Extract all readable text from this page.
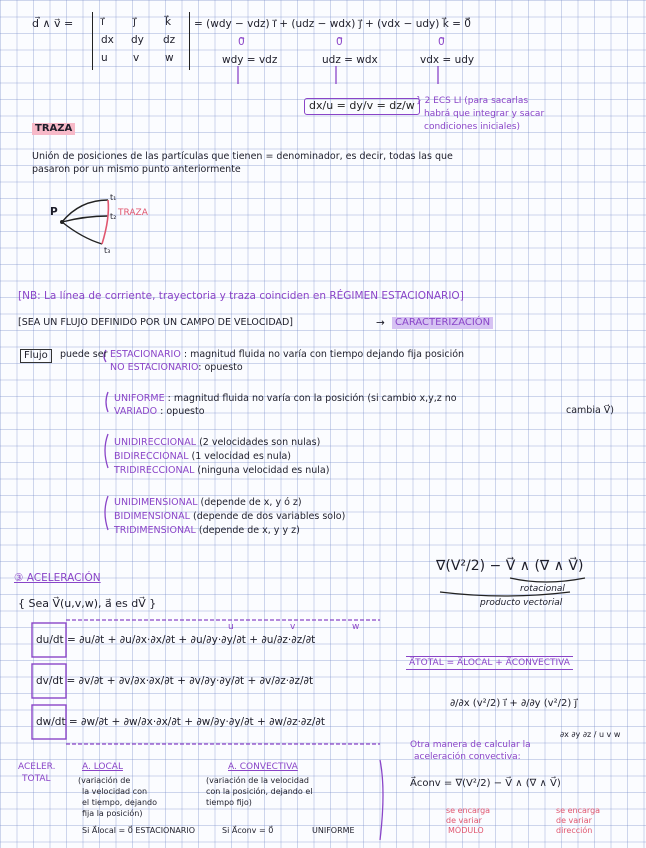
d⃗ ∧ v⃗ =	i⃗	j⃗	k⃗
dx dy dz
u v w
= (wdy − vdz) i⃗ + (udz − wdx) j⃗ + (vdx − udy) k⃗ = 0⃗
0⃗
wdy = vdz
0⃗
udz = wdx
0⃗
vdx = udy
dx/u = dy/v = dz/w } 2 ECS LI (para sacarlas
habrá que integrar y sacar
condiciones iniciales)
TRAZA
Unión de posiciones de las partículas que tienen = denominador, es decir, todas las que
pasaron por un mismo punto anteriormente
P
t₁
t₂
t₃
TRAZA
[NB: La línea de corriente, trayectoria y traza coinciden en RÉGIMEN ESTACIONARIO]
[SEA UN FLUJO DEFINIDO POR UN CAMPO DE VELOCIDAD]	→	CARACTERIZACIÓN
Flujo	puede ser ESTACIONARIO : magnitud fluida no varía con tiempo dejando fija posición
NO ESTACIONARIO: opuesto
UNIFORME : magnitud fluida no varía con la posición (si cambio x,y,z no
cambia V⃗)
VARIADO : opuesto
UNIDIRECCIONAL (2 velocidades son nulas)
BIDIRECCIONAL (1 velocidad es nula)
TRIDIRECCIONAL (ninguna velocidad es nula)
UNIDIMENSIONAL (depende de x, y ó z)
BIDIMENSIONAL (depende de dos variables solo)
TRIDIMENSIONAL (depende de x, y y z)
∇(V²/2) − V⃗ ∧ (∇ ∧ V⃗)
rotacional
producto vectorial
③ ACELERACIÓN
{ Sea V⃗(u,v,w), a⃗ es dV⃗ }
du/dt = ∂u/∂t + ∂u/∂x·∂x/∂t + ∂u/∂y·∂y/∂t + ∂u/∂z·∂z/∂t
dv/dt = ∂v/∂t + ∂v/∂x·∂x/∂t + ∂v/∂y·∂y/∂t + ∂v/∂z·∂z/∂t
dw/dt = ∂w/∂t + ∂w/∂x·∂x/∂t + ∂w/∂y·∂y/∂t + ∂w/∂z·∂z/∂t
u	v	w
ACELER.
TOTAL
A. LOCAL	A. CONVECTIVA
(variación de
la velocidad con
el tiempo, dejando
fija la posición)
Si A⃗local = 0⃗ ESTACIONARIO
(variación de la velocidad
con la posición, dejando el
tiempo fijo)
Si A⃗conv = 0⃗	UNIFORME
A⃗TOTAL = A⃗LOCAL + A⃗CONVECTIVA
∂/∂x (v²/2) i⃗ + ∂/∂y (v²/2) j⃗
Otra manera de calcular la
aceleración convectiva:
∂x ∂y ∂z / u v w
A⃗conv = ∇(V²/2) − V⃗ ∧ (∇ ∧ V⃗)
se encarga
de variar
MÓDULO
se encarga
de variar
dirección
